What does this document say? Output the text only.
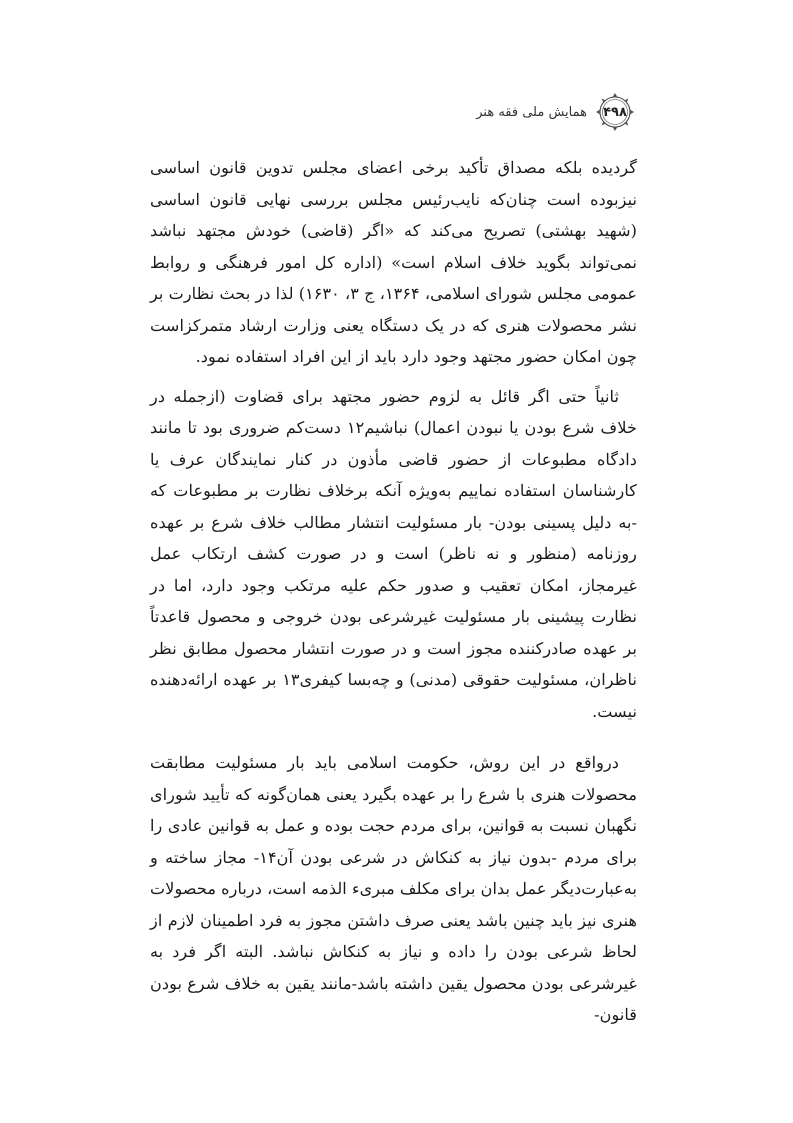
۴۹۸
همایش ملی فقه هنر

گردیده بلکه مصداق تأکید برخی اعضای مجلس تدوین قانون اساسی نیزبوده است چنان‌که نایب‌رئیس مجلس بررسی نهایی قانون اساسی (شهید بهشتی) تصریح می‌کند که «اگر (قاضی) خودش مجتهد نباشد نمی‌تواند بگوید خلاف اسلام است» (اداره کل امور فرهنگی و روابط عمومی مجلس شورای اسلامی، ۱۳۶۴، ج ۳، ۱۶۳۰) لذا در بحث نظارت بر نشر محصولات هنری که در یک دستگاه یعنی وزارت ارشاد متمرکزاست چون امکان حضور مجتهد وجود دارد باید از این افراد استفاده نمود.

ثانیاً حتی اگر قائل به لزوم حضور مجتهد برای قضاوت (ازجمله در خلاف شرع بودن یا نبودن اعمال) نباشیم۱۲ دست‌کم ضروری بود تا مانند دادگاه مطبوعات از حضور قاضی مأذون در کنار نمایندگان عرف یا کارشناسان استفاده نماییم به‌ویژه آنکه برخلاف نظارت بر مطبوعات که -به دلیل پسینی بودن- بار مسئولیت انتشار مطالب خلاف شرع بر عهده روزنامه (منظور و نه ناظر) است و در صورت کشف ارتکاب عمل غیرمجاز، امکان تعقیب و صدور حکم علیه مرتکب وجود دارد، اما در نظارت پیشینی بار مسئولیت غیرشرعی بودن خروجی و محصول قاعدتاً بر عهده صادرکننده مجوز است و در صورت انتشار محصول مطابق نظر ناظران، مسئولیت حقوقی (مدنی) و چه‌بسا کیفری۱۳ بر عهده ارائه‌دهنده نیست.

درواقع در این روش، حکومت اسلامی باید بار مسئولیت مطابقت محصولات هنری با شرع را بر عهده بگیرد یعنی همان‌گونه که تأیید شورای نگهبان نسبت به قوانین، برای مردم حجت بوده و عمل به قوانین عادی را برای مردم -بدون نیاز به کنکاش در شرعی بودن آن۱۴- مجاز ساخته و به‌عبارت‌دیگر عمل بدان برای مکلف مبریء الذمه است، درباره محصولات هنری نیز باید چنین باشد یعنی صرف داشتن مجوز به فرد اطمینان لازم از لحاظ شرعی بودن را داده و نیاز به کنکاش نباشد. البته اگر فرد به غیرشرعی بودن محصول یقین داشته باشد-مانند یقین به خلاف شرع بودن قانون-
